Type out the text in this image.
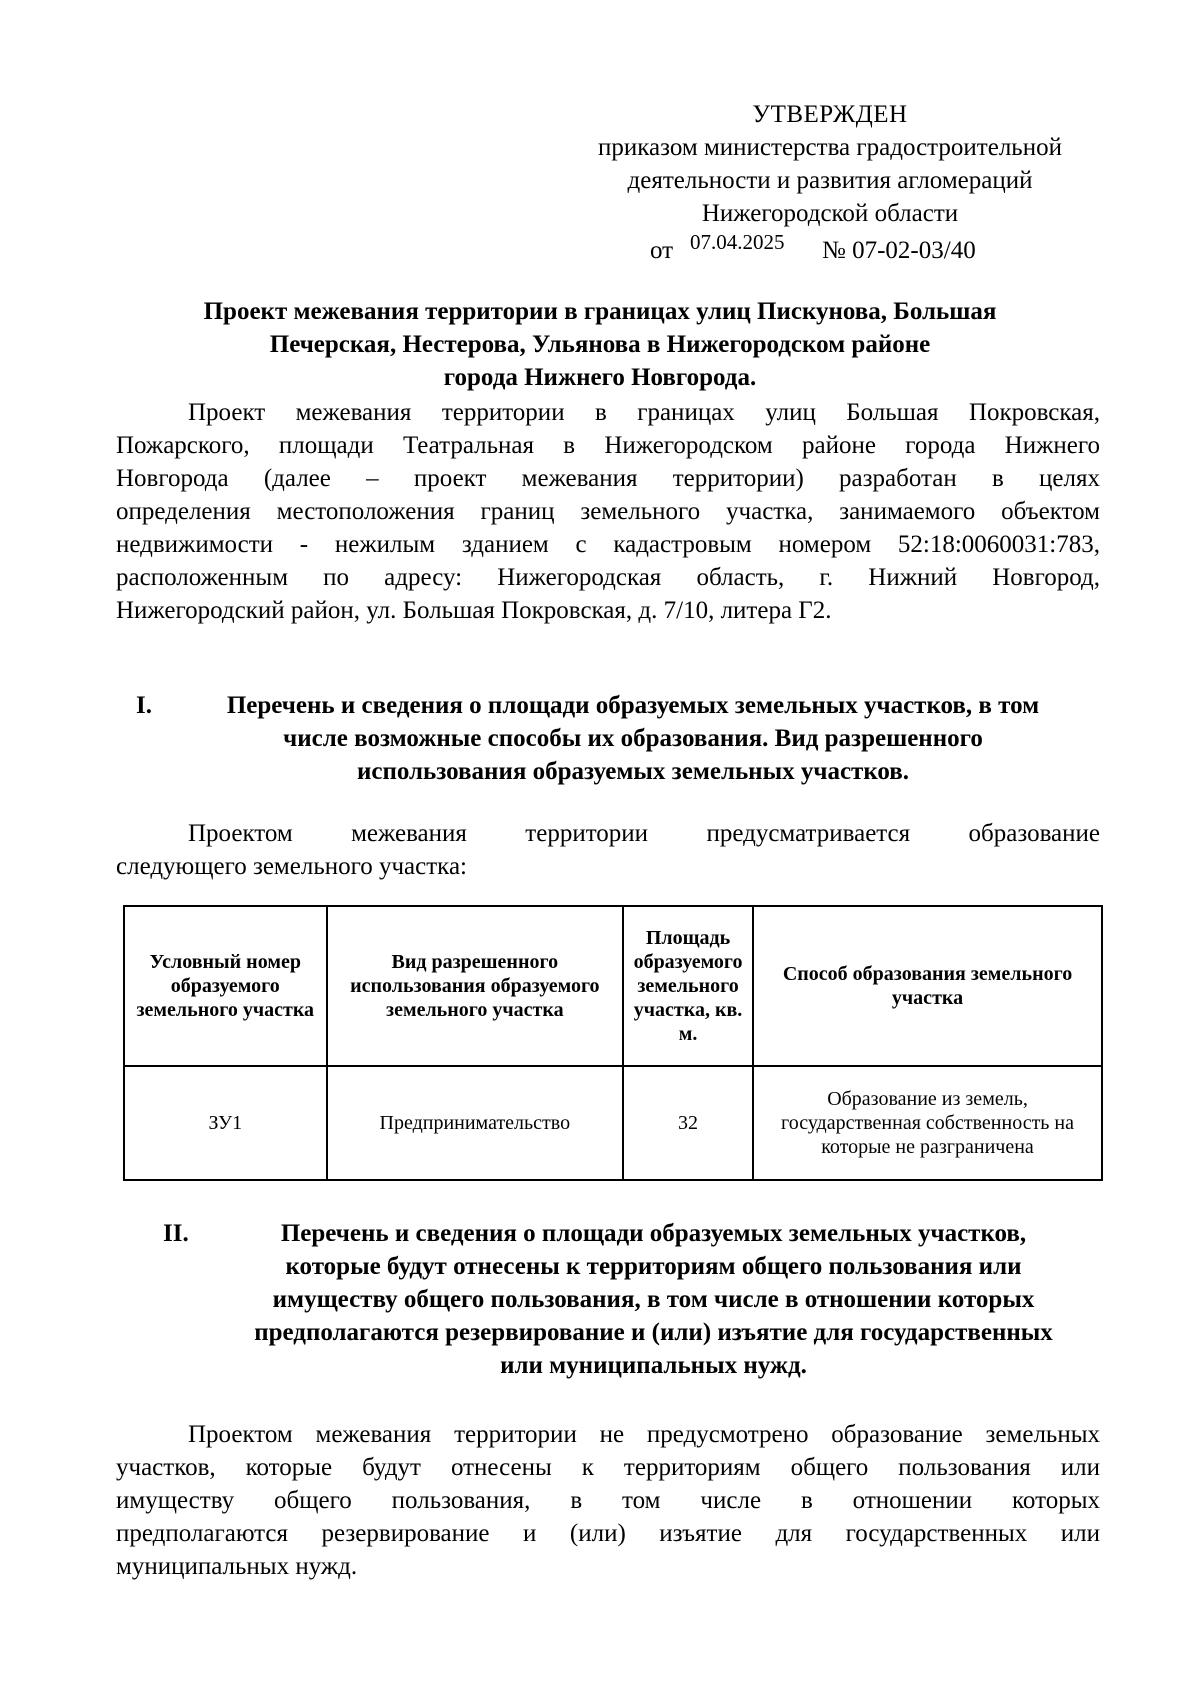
УТВЕРЖДЕН
приказом министерства градостроительной
деятельности и развития агломераций
Нижегородской области
от 07.04.2025 № 07-02-03/40
Проект межевания территории в границах улиц Пискунова, Большая
Печерская, Нестерова, Ульянова в Нижегородском районе
города Нижнего Новгорода.
Проект межевания территории в границах улиц Большая Покровская,
Пожарского, площади Театральная в Нижегородском районе города Нижнего
Новгорода (далее – проект межевания территории) разработан в целях
определения местоположения границ земельного участка, занимаемого объектом
недвижимости - нежилым зданием с кадастровым номером 52:18:0060031:783,
расположенным по адресу: Нижегородская область, г. Нижний Новгород,
Нижегородский район, ул. Большая Покровская, д. 7/10, литера Г2.
I.	Перечень и сведения о площади образуемых земельных участков, в том
числе возможные способы их образования. Вид разрешенного
использования образуемых земельных участков.
Проектом межевания территории предусматривается образование
следующего земельного участка:
Условный номер образуемого земельного участка	Вид разрешенного использования образуемого земельного участка	Площадь образуемого земельного участка, кв. м.	Способ образования земельного участка
ЗУ1	Предпринимательство	32	Образование из земель, государственная собственность на которые не разграничена
II.	Перечень и сведения о площади образуемых земельных участков,
которые будут отнесены к территориям общего пользования или
имуществу общего пользования, в том числе в отношении которых
предполагаются резервирование и (или) изъятие для государственных
или муниципальных нужд.
Проектом межевания территории не предусмотрено образование земельных
участков, которые будут отнесены к территориям общего пользования или
имуществу общего пользования, в том числе в отношении которых
предполагаются резервирование и (или) изъятие для государственных или
муниципальных нужд.
